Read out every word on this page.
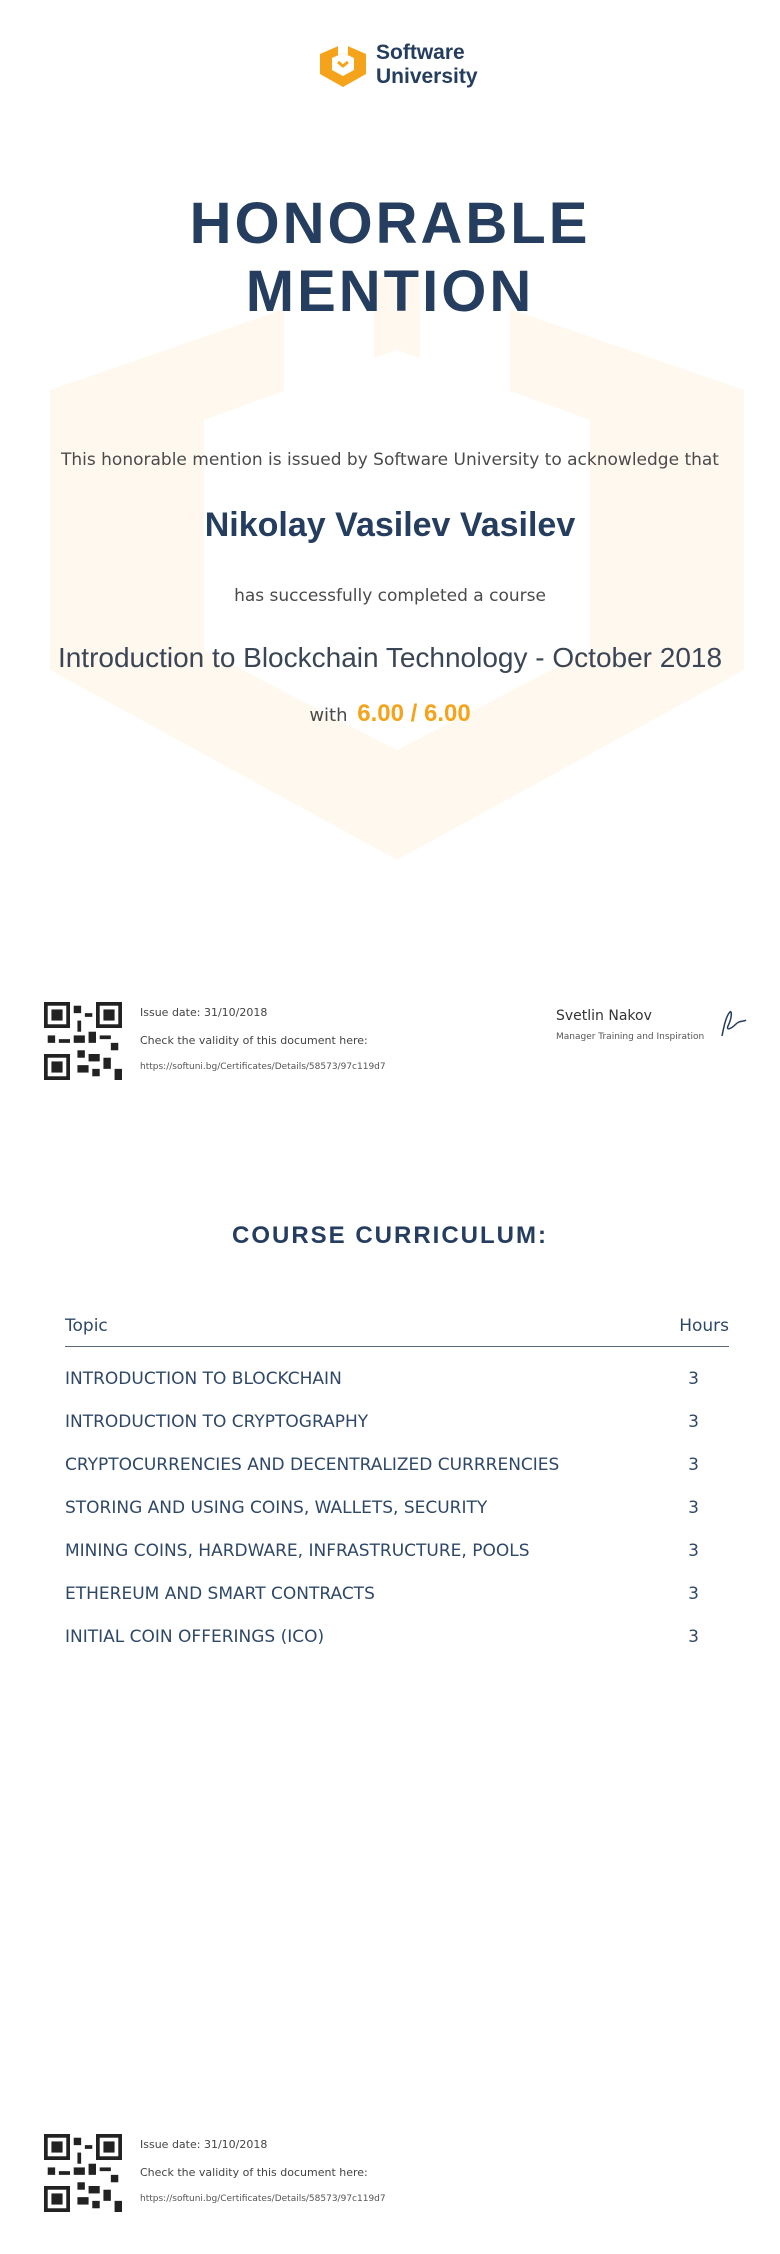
Software
University
HONORABLE
MENTION
This honorable mention is issued by Software University to acknowledge that
Nikolay Vasilev Vasilev
has successfully completed a course
Introduction to Blockchain Technology - October 2018
with 6.00 / 6.00
Issue date: 31/10/2018
Check the validity of this document here:
https://softuni.bg/Certificates/Details/58573/97c119d7
Svetlin Nakov
Manager Training and Inspiration
COURSE CURRICULUM:
Topic	Hours
INTRODUCTION TO BLOCKCHAIN	3
INTRODUCTION TO CRYPTOGRAPHY	3
CRYPTOCURRENCIES AND DECENTRALIZED CURRRENCIES	3
STORING AND USING COINS, WALLETS, SECURITY	3
MINING COINS, HARDWARE, INFRASTRUCTURE, POOLS	3
ETHEREUM AND SMART CONTRACTS	3
INITIAL COIN OFFERINGS (ICO)	3
Issue date: 31/10/2018
Check the validity of this document here:
https://softuni.bg/Certificates/Details/58573/97c119d7
